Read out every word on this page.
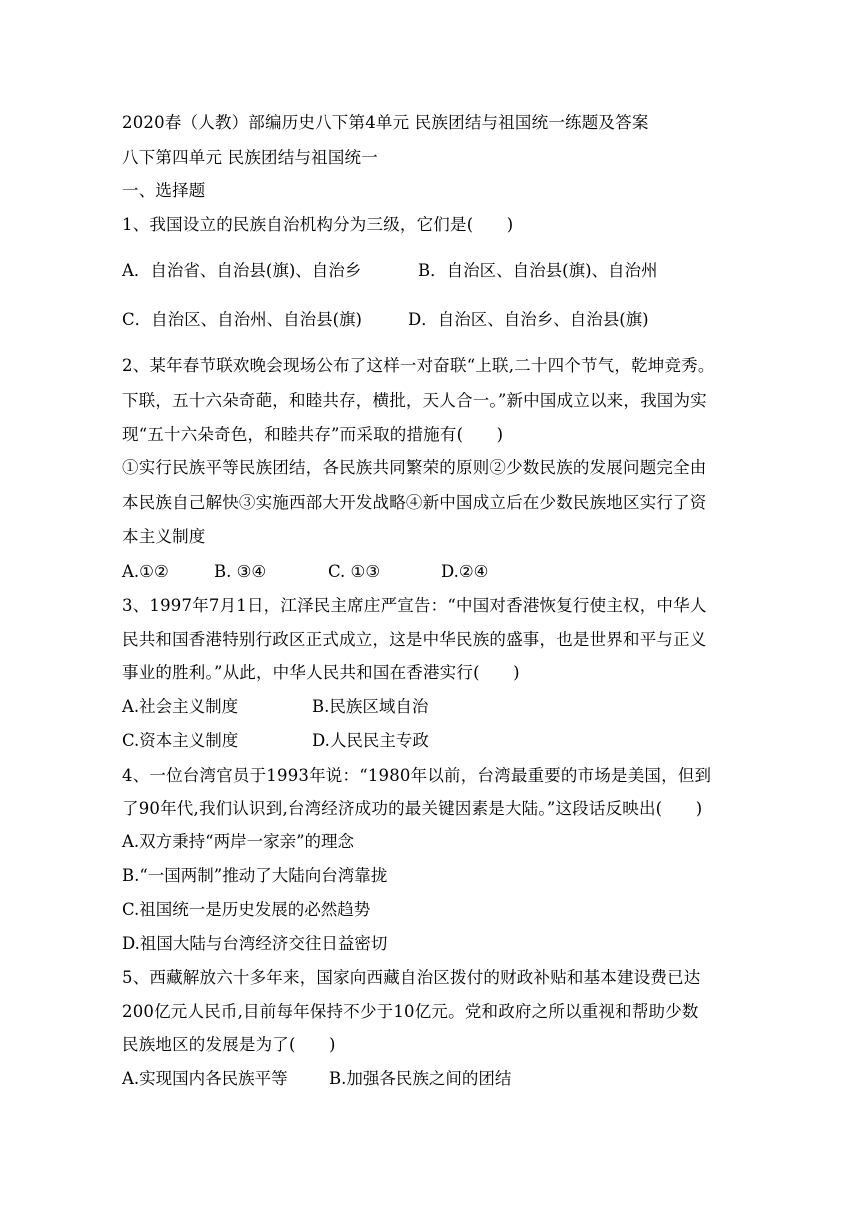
2020春（人教）部编历史八下第4单元 民族团结与祖国统一练题及答案
八下第四单元 民族团结与祖国统一
一、选择题
1、我国设立的民族自治机构分为三级，它们是(　　)
A．自治省、自治县(旗)、自治乡	B．自治区、自治县(旗)、自治州
C．自治区、自治州、自治县(旗)	D．自治区、自治乡、自治县(旗)
2、某年春节联欢晚会现场公布了这样一对奋联“上联,二十四个节气，乾坤竞秀。
下联，五十六朵奇葩，和睦共存，横批，天人合一。”新中国成立以来，我国为实
现“五十六朵奇色，和睦共存”而采取的措施有(　　)
①实行民族平等民族团结，各民族共同繁荣的原则②少数民族的发展问题完全由
本民族自己解快③实施西部大开发战略④新中国成立后在少数民族地区实行了资
本主义制度
A.①②	B. ③④	C. ①③	D.②④
3、1997年7月1日，江泽民主席庄严宣告：“中国对香港恢复行使主权，中华人
民共和国香港特别行政区正式成立，这是中华民族的盛事，也是世界和平与正义
事业的胜利。”从此，中华人民共和国在香港实行(　　)
A.社会主义制度	B.民族区域自治
C.资本主义制度	D.人民民主专政
4、一位台湾官员于1993年说：“1980年以前，台湾最重要的市场是美国，但到
了90年代,我们认识到,台湾经济成功的最关键因素是大陆。”这段话反映出(　　)
A.双方秉持“两岸一家亲”的理念
B.“一国两制”推动了大陆向台湾靠拢
C.祖国统一是历史发展的必然趋势
D.祖国大陆与台湾经济交往日益密切
5、西藏解放六十多年来，国家向西藏自治区拨付的财政补贴和基本建设费已达
200亿元人民币,目前每年保持不少于10亿元。党和政府之所以重视和帮助少数
民族地区的发展是为了(　　)
A.实现国内各民族平等	B.加强各民族之间的团结
